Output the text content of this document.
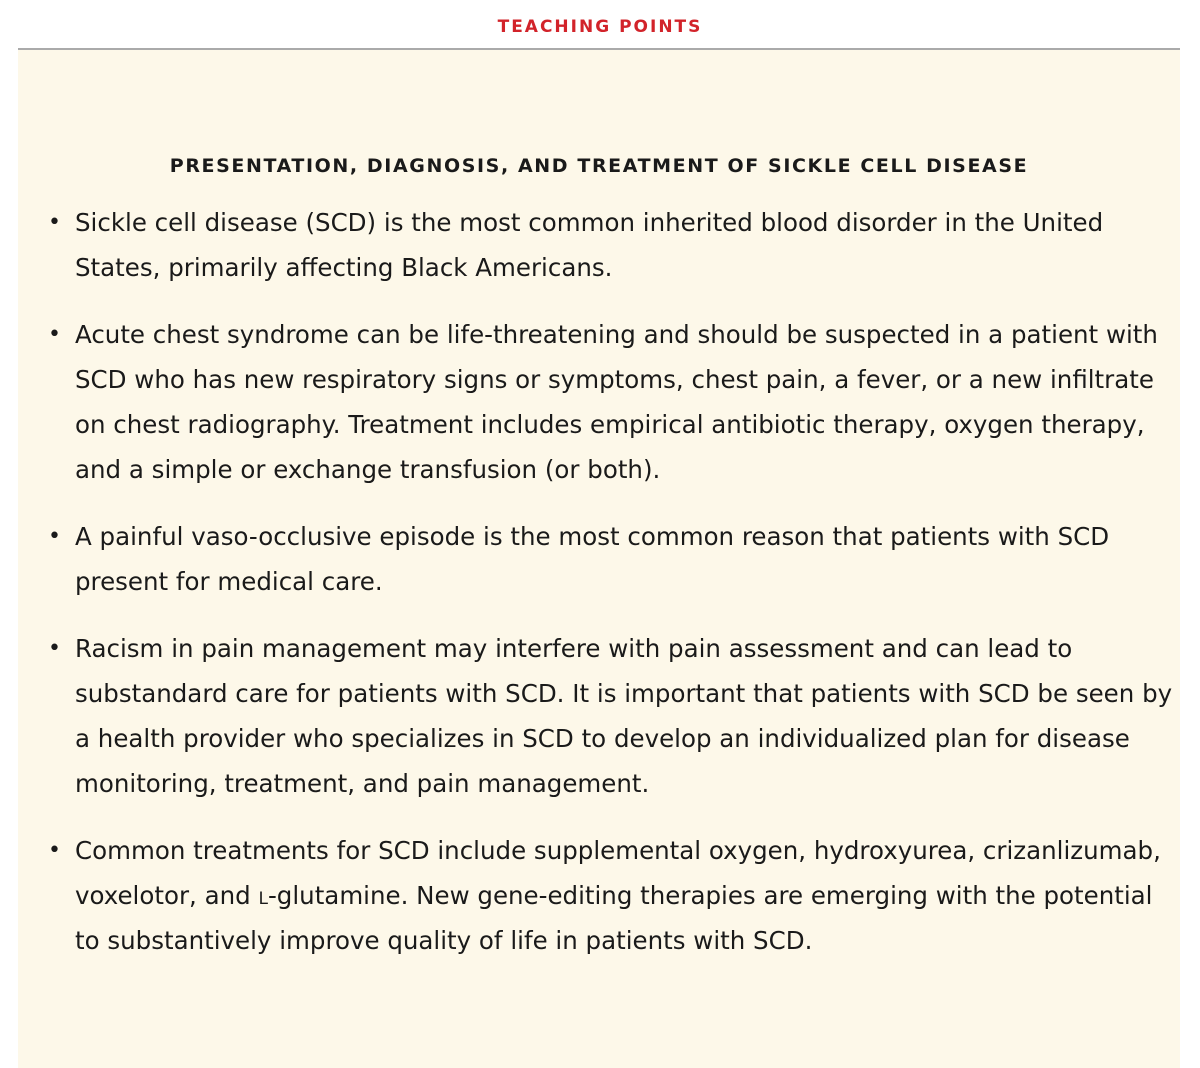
TEACHING POINTS
PRESENTATION, DIAGNOSIS, AND TREATMENT OF SICKLE CELL DISEASE
• Sickle cell disease (SCD) is the most common inherited blood disorder in the United States, primarily affecting Black Americans.
• Acute chest syndrome can be life-threatening and should be suspected in a patient with SCD who has new respiratory signs or symptoms, chest pain, a fever, or a new infiltrate on chest radiography. Treatment includes empirical antibiotic therapy, oxygen therapy, and a simple or exchange transfusion (or both).
• A painful vaso-occlusive episode is the most common reason that patients with SCD present for medical care.
• Racism in pain management may interfere with pain assessment and can lead to substandard care for patients with SCD. It is important that patients with SCD be seen by a health provider who specializes in SCD to develop an individualized plan for disease monitoring, treatment, and pain management.
• Common treatments for SCD include supplemental oxygen, hydroxyurea, crizanlizumab, voxelotor, and l-glutamine. New gene-editing therapies are emerging with the potential to substantively improve quality of life in patients with SCD.
